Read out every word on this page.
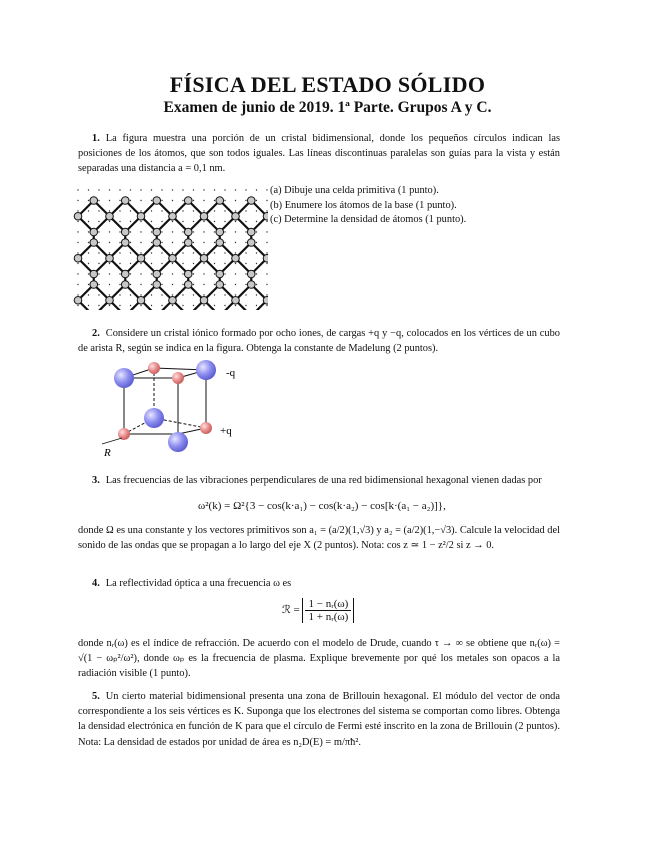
FÍSICA DEL ESTADO SÓLIDO
Examen de junio de 2019. 1ª Parte. Grupos A y C.
1. La figura muestra una porción de un cristal bidimensional, donde los pequeños círculos indican las posiciones de los átomos, que son todos iguales. Las líneas discontinuas paralelas son guías para la vista y están separadas una distancia a = 0,1 nm.
(a) Dibuje una celda primitiva (1 punto).
(b) Enumere los átomos de la base (1 punto).
(c) Determine la densidad de átomos (1 punto).
2. Considere un cristal iónico formado por ocho iones, de cargas +q y −q, colocados en los vértices de un cubo de arista R, según se indica en la figura. Obtenga la constante de Madelung (2 puntos).
-q
+q
R
3. Las frecuencias de las vibraciones perpendiculares de una red bidimensional hexagonal vienen dadas por
ω²(k) = Ω²{3 − cos(k·a₁) − cos(k·a₂) − cos[k·(a₁ − a₂)]},
donde Ω es una constante y los vectores primitivos son a₁ = (a/2)(1,√3) y a₂ = (a/2)(1,−√3). Calcule la velocidad del sonido de las ondas que se propagan a lo largo del eje X (2 puntos). Nota: cos z ≃ 1 − z²/2 si z → 0.
4. La reflectividad óptica a una frecuencia ω es
ℛ = $\frac{\text{1 − nᵣ(ω)}}{\text{1 + nᵣ(ω)}}$
donde nᵣ(ω) es el índice de refracción. De acuerdo con el modelo de Drude, cuando τ → ∞ se obtiene que nᵣ(ω) = √(1 − ωₚ²/ω²), donde ωₚ es la frecuencia de plasma. Explique brevemente por qué los metales son opacos a la radiación visible (1 punto).
5. Un cierto material bidimensional presenta una zona de Brillouin hexagonal. El módulo del vector de onda correspondiente a los seis vértices es K. Suponga que los electrones del sistema se comportan como libres. Obtenga la densidad electrónica en función de K para que el círculo de Fermi esté inscrito en la zona de Brillouin (2 puntos). Nota: La densidad de estados por unidad de área es n₂D(E) = m/πħ².
